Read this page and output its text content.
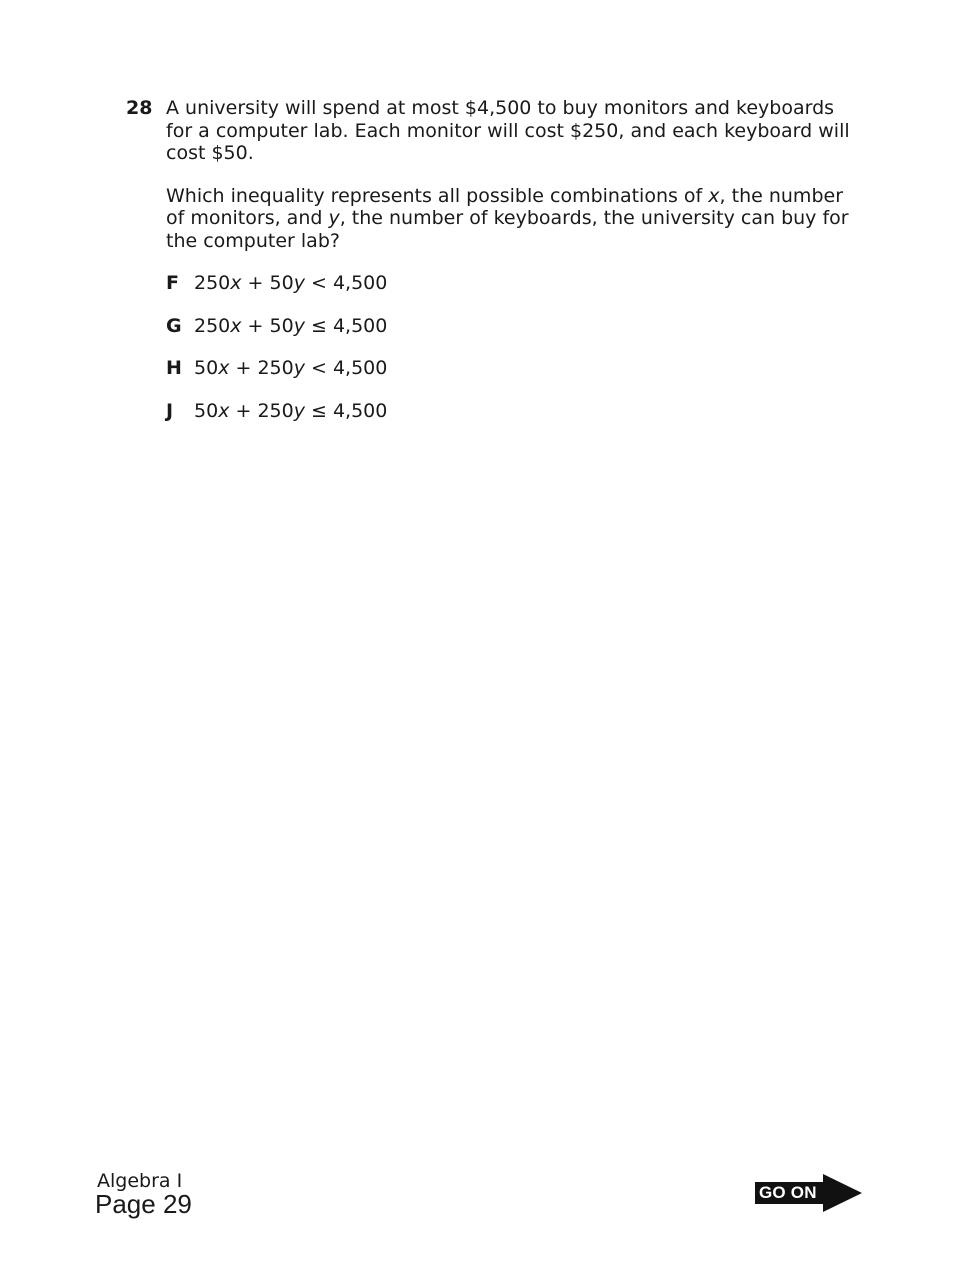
28 A university will spend at most $4,500 to buy monitors and keyboards for a computer lab. Each monitor will cost $250, and each keyboard will cost $50.

Which inequality represents all possible combinations of x, the number of monitors, and y, the number of keyboards, the university can buy for the computer lab?

F 250x + 50y < 4,500
G 250x + 50y ≤ 4,500
H 50x + 250y < 4,500
J	50x + 250y ≤ 4,500
Algebra I
Page 29	GO ON
